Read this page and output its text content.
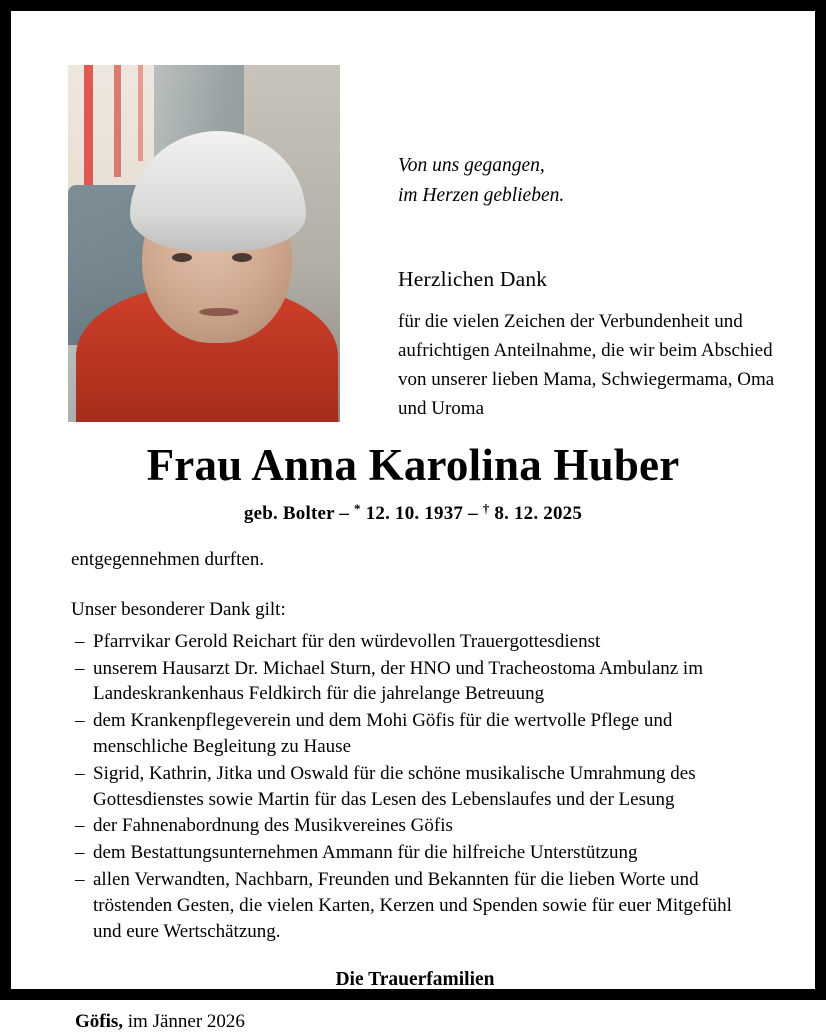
Von uns gegangen,
im Herzen geblieben.

Herzlichen Dank

für die vielen Zeichen der Verbundenheit und aufrichtigen Anteilnahme, die wir beim Abschied von unserer lieben Mama, Schwiegermama, Oma und Uroma

Frau Anna Karolina Huber

geb. Bolter – * 12. 10. 1937 – † 8. 12. 2025

entgegennehmen durften.

Unser besonderer Dank gilt:

– Pfarrvikar Gerold Reichart für den würdevollen Trauergottesdienst
– unserem Hausarzt Dr. Michael Sturn, der HNO und Tracheostoma Ambulanz im Landeskrankenhaus Feldkirch für die jahrelange Betreuung
– dem Krankenpflegeverein und dem Mohi Göfis für die wertvolle Pflege und menschliche Begleitung zu Hause
– Sigrid, Kathrin, Jitka und Oswald für die schöne musikalische Umrahmung des Gottesdienstes sowie Martin für das Lesen des Lebenslaufes und der Lesung
– der Fahnenabordnung des Musikvereines Göfis
– dem Bestattungsunternehmen Ammann für die hilfreiche Unterstützung
– allen Verwandten, Nachbarn, Freunden und Bekannten für die lieben Worte und tröstenden Gesten, die vielen Karten, Kerzen und Spenden sowie für euer Mitgefühl und eure Wertschätzung.

Die Trauerfamilien

Göfis, im Jänner 2026
